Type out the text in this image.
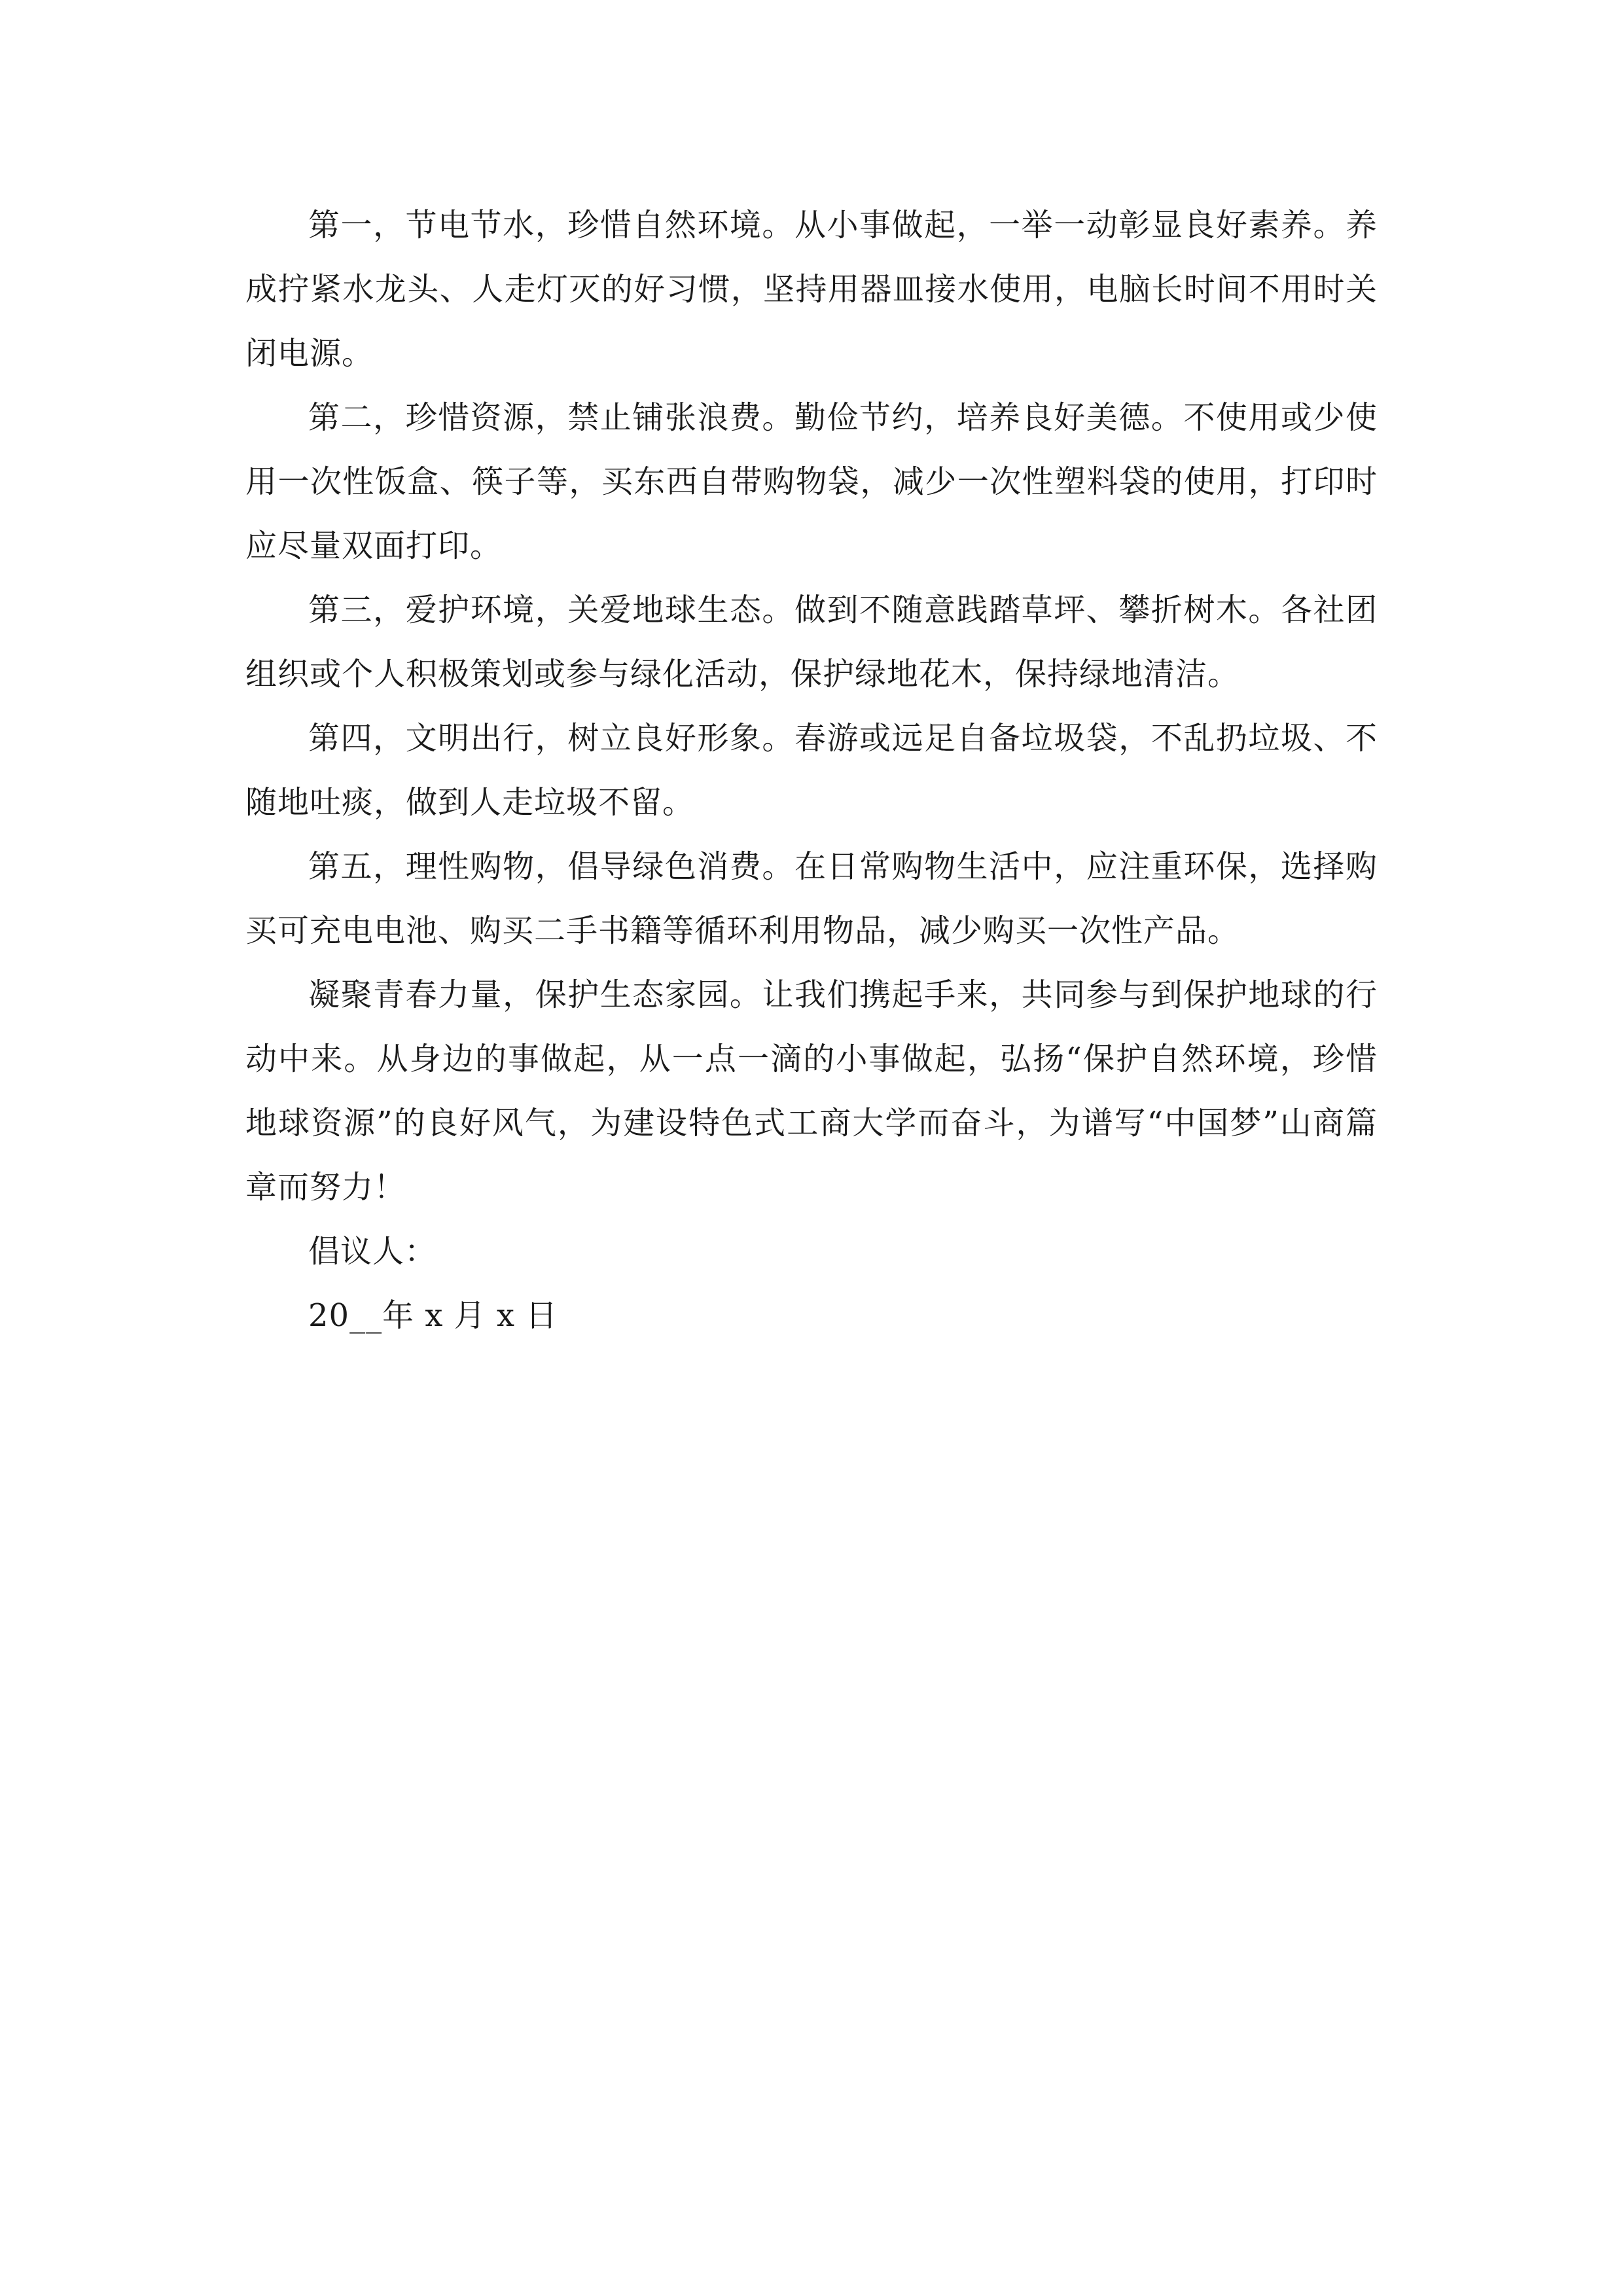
第一，节电节水，珍惜自然环境。从小事做起，一举一动彰显良好素养。养成拧紧水龙头、人走灯灭的好习惯，坚持用器皿接水使用，电脑长时间不用时关闭电源。

第二，珍惜资源，禁止铺张浪费。勤俭节约，培养良好美德。不使用或少使用一次性饭盒、筷子等，买东西自带购物袋，减少一次性塑料袋的使用，打印时应尽量双面打印。

第三，爱护环境，关爱地球生态。做到不随意践踏草坪、攀折树木。各社团组织或个人积极策划或参与绿化活动，保护绿地花木，保持绿地清洁。

第四，文明出行，树立良好形象。春游或远足自备垃圾袋，不乱扔垃圾、不随地吐痰，做到人走垃圾不留。

第五，理性购物，倡导绿色消费。在日常购物生活中，应注重环保，选择购买可充电电池、购买二手书籍等循环利用物品，减少购买一次性产品。

凝聚青春力量，保护生态家园。让我们携起手来，共同参与到保护地球的行动中来。从身边的事做起，从一点一滴的小事做起，弘扬“保护自然环境，珍惜地球资源”的良好风气，为建设特色式工商大学而奋斗，为谱写“中国梦”山商篇章而努力！

倡议人：

20__年 x 月 x 日
